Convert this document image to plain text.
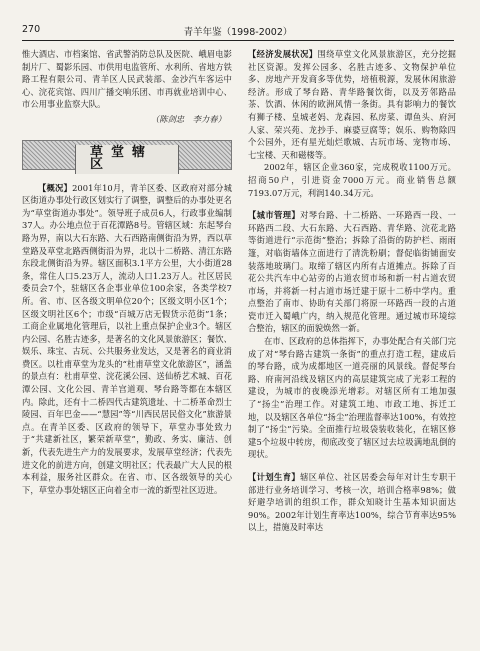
270	青羊年鉴（1998-2002）

惟大酒店、市档案馆、省武警消防总队及医院、峨眉电影制片厂、蜀影乐园、市供用电监管所、水利所、省地方铁路工程有限公司、青羊区人民武装部、金沙汽车客运中心、浣花宾馆、四川广播交响乐团、市再就业培训中心、市公用事业监察大队。

（陈剑忠　李力春）

草堂辖区

【概况】2001年10月，青羊区委、区政府对部分城区街道办事处行政区划实行了调整，调整后的办事处更名为“草堂街道办事处”。领导班子成员6人，行政事业编制37人。办公地点位于百花潭路8号。管辖区域：东起琴台路为界，南以大石东路、大石西路南侧街沿为界，西以草堂路及草堂北路西侧街沿为界，北以十二桥路、清江东路东段北侧街沿为界。辖区面积3.1平方公里，大小街道28条，常住人口5.23万人，流动人口1.23万人。社区居民委员会7个，驻辖区各企事业单位100余家，各类学校7所。省、市、区各级文明单位20个；区级文明小区1个；区级文明社区6个；市级“百城万店无假货示范街”1条；工商企业属地化管理后，以社上重点保护企业3个。辖区内公园、名胜古迹多，是著名的文化风景旅游区；餐饮、娱乐、珠宝、古玩、公共服务业发达，又是著名的商业消费区。以杜甫草堂为龙头的“杜甫草堂文化旅游区”，涵盖的景点有：杜甫草堂、浣花溪公园、送仙桥艺术城、百花潭公园、文化公园、青羊宫道观、琴台路等都在本辖区内。除此，还有十二桥四代古建筑遗址、十二桥革命烈士陵园、百年巴金——“慧园”等“川西民居民俗文化”旅游景点。在青羊区委、区政府的领导下，草堂办事处致力于“共建新社区，繁荣新草堂”，勤政、务实、廉洁、创新，代表先进生产力的发展要求，发展草堂经济；代表先进文化的前进方向，创建文明社区；代表最广大人民的根本利益，服务社区群众。在省、市、区各级领导的关心下，草堂办事处辖区正向着全市一流的新型社区迈进。

【经济发展状况】围绕草堂文化风景旅游区，充分挖掘社区资源。发挥公园多、名胜古迹多、文物保护单位多、房地产开发商多等优势，培植税源，发展休闲旅游经济。形成了琴台路、青华路餐饮街，以及芳邻路品茶、饮酒、休闲的欧洲风情一条街。具有影响力的餐饮有狮子楼、皇城老妈、龙森园、私房菜、谭鱼头、府河人家、荣兴苑、龙抄手、麻婆豆腐等；娱乐、购物除四个公园外，还有星光灿烂歌城、古玩市场、宠物市场、七宝楼、天和磁楼等。

2002年，辖区企业360家，完成税收1100万元。招商50户，引进资金7000万元。商业销售总额7193.07万元，利润140.34万元。

【城市管理】对琴台路、十二桥路、一环路西一段、一环路西二段、大石东路、大石西路、青华路、浣花北路等街道进行“示范街”整治；拆除了沿街的防护栏、雨雨篷，对临街墙体立面进行了清洗粉刷；督促临街铺面安装落地玻璃门。取缔了辖区内所有占道摊点。拆除了百花公共汽车中心站旁的占道农贸市场和新一村占道农贸市场，并将新一村占道市场迁建于原十二桥中学内。重点整治了南市、协助有关部门将原一环路西一段的占道瓷市迁入蜀峨广内，纳入规范化管理。通过城市环境综合整治，辖区的面貌焕然一新。

在市、区政府的总体指挥下，办事处配合有关部门完成了对“琴台路古建筑一条街”的重点打造工程，建成后的琴台路，成为成都地区一道亮丽的风景线。督促琴台路、府南河沿线及辖区内的高层建筑完成了光彩工程的建设，为城市的夜晚添光增彩。对辖区所有工地加强了“扬尘”治理工作。对建筑工地、市政工地、拆迁工地，以及辖区各单位“扬尘”治理监督率达100%，有效控制了“扬尘”污染。全面推行垃圾袋装收装化，在辖区修建5个垃圾中转房，彻底改变了辖区过去垃圾满地乱倒的现状。

【计划生育】辖区单位、社区居委会每年对计生专职干部进行业务培训学习、考核一次，培训合格率98%；做好避孕培训的组织工作，群众知晓计生基本知识面达90%。2002年计划生育率达100%，综合节育率达95%以上，措施及时率达
